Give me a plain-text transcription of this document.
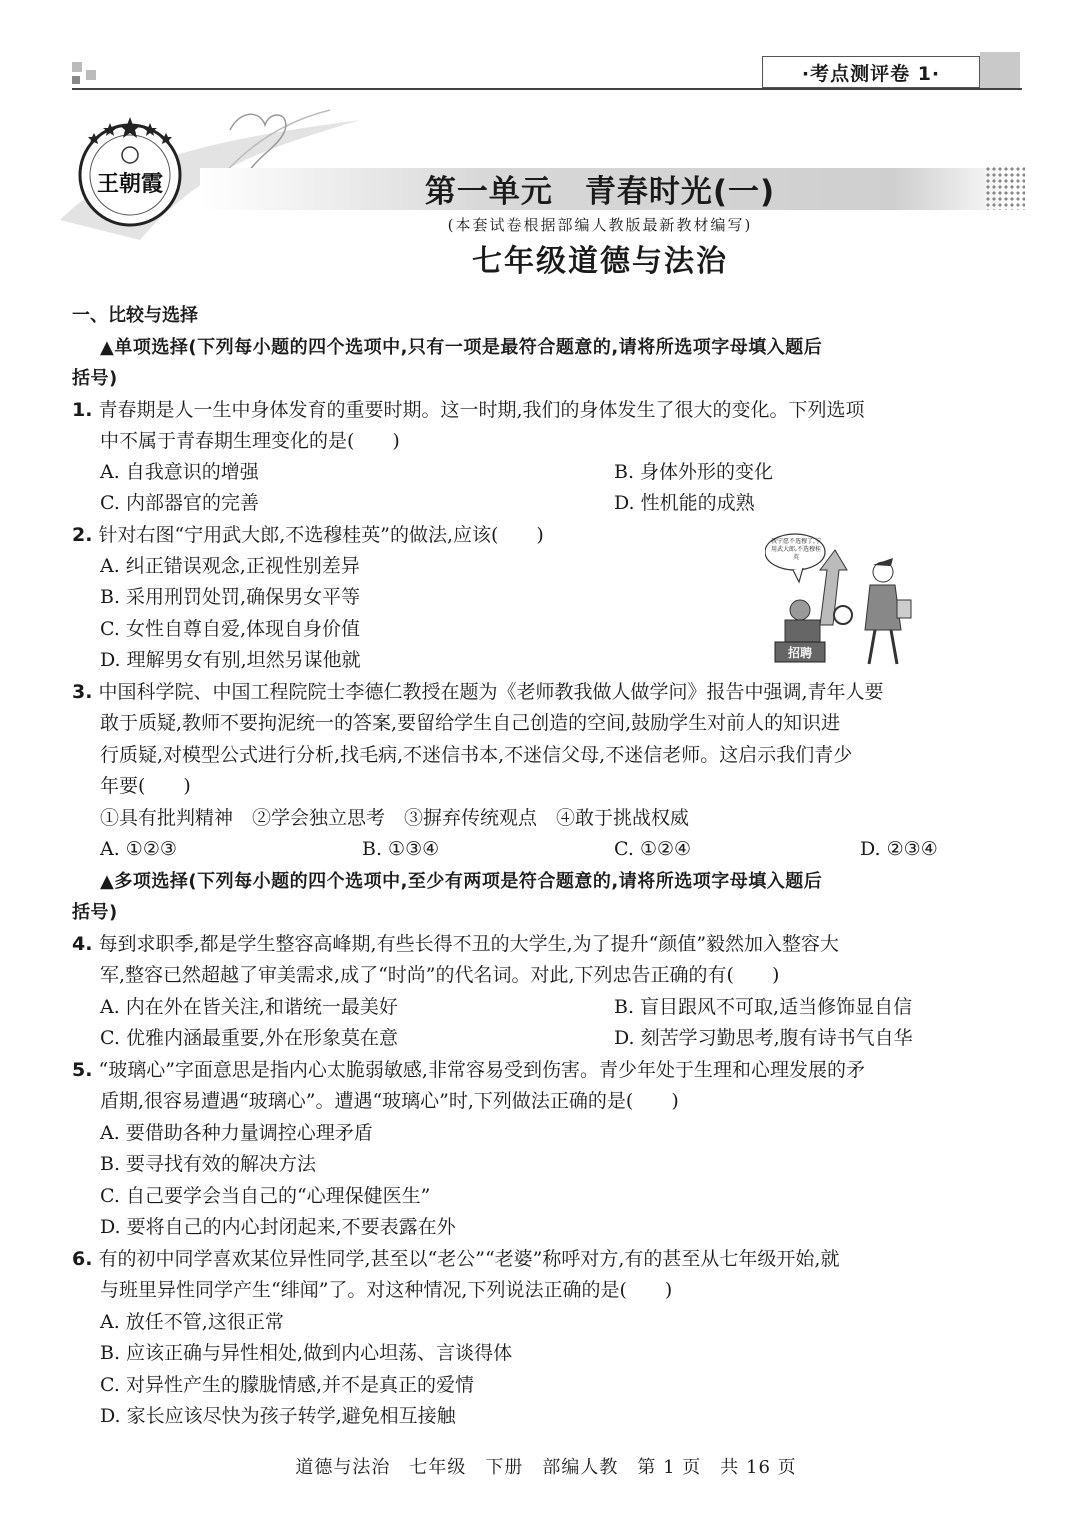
·考点测评卷 1·
王朝霞	第一单元　青春时光(一)
(本套试卷根据部编人教版最新教材编写)
七年级道德与法治
一、比较与选择
▲单项选择(下列每小题的四个选项中,只有一项是最符合题意的,请将所选项字母填入题后
括号)
1. 青春期是人一生中身体发育的重要时期。这一时期,我们的身体发生了很大的变化。下列选项
中不属于青春期生理变化的是(　　)
A. 自我意识的增强	B. 身体外形的变化
C. 内部器官的完善	D. 性机能的成熟
2. 针对右图“宁用武大郎,不选穆桂英”的做法,应该(　　)
A. 纠正错误观念,正视性别差异
B. 采用刑罚处罚,确保男女平等
C. 女性自尊自爱,体现自身价值
D. 理解男女有别,坦然另谋他就
我宁愿不选穆了,宁用武大郎,不选穆桂英
招聘
3. 中国科学院、中国工程院院士李德仁教授在题为《老师教我做人做学问》报告中强调,青年人要
敢于质疑,教师不要拘泥统一的答案,要留给学生自己创造的空间,鼓励学生对前人的知识进
行质疑,对模型公式进行分析,找毛病,不迷信书本,不迷信父母,不迷信老师。这启示我们青少
年要(　　)
①具有批判精神　②学会独立思考　③摒弃传统观点　④敢于挑战权威
A. ①②③	B. ①③④	C. ①②④	D. ②③④
▲多项选择(下列每小题的四个选项中,至少有两项是符合题意的,请将所选项字母填入题后
括号)
4. 每到求职季,都是学生整容高峰期,有些长得不丑的大学生,为了提升“颜值”毅然加入整容大
军,整容已然超越了审美需求,成了“时尚”的代名词。对此,下列忠告正确的有(　　)
A. 内在外在皆关注,和谐统一最美好	B. 盲目跟风不可取,适当修饰显自信
C. 优雅内涵最重要,外在形象莫在意	D. 刻苦学习勤思考,腹有诗书气自华
5. “玻璃心”字面意思是指内心太脆弱敏感,非常容易受到伤害。青少年处于生理和心理发展的矛
盾期,很容易遭遇“玻璃心”。遭遇“玻璃心”时,下列做法正确的是(　　)
A. 要借助各种力量调控心理矛盾
B. 要寻找有效的解决方法
C. 自己要学会当自己的“心理保健医生”
D. 要将自己的内心封闭起来,不要表露在外
6. 有的初中同学喜欢某位异性同学,甚至以“老公”“老婆”称呼对方,有的甚至从七年级开始,就
与班里异性同学产生“绯闻”了。对这种情况,下列说法正确的是(　　)
A. 放任不管,这很正常
B. 应该正确与异性相处,做到内心坦荡、言谈得体
C. 对异性产生的朦胧情感,并不是真正的爱情
D. 家长应该尽快为孩子转学,避免相互接触
道德与法治　七年级　下册　部编人教　第 1 页　共 16 页
